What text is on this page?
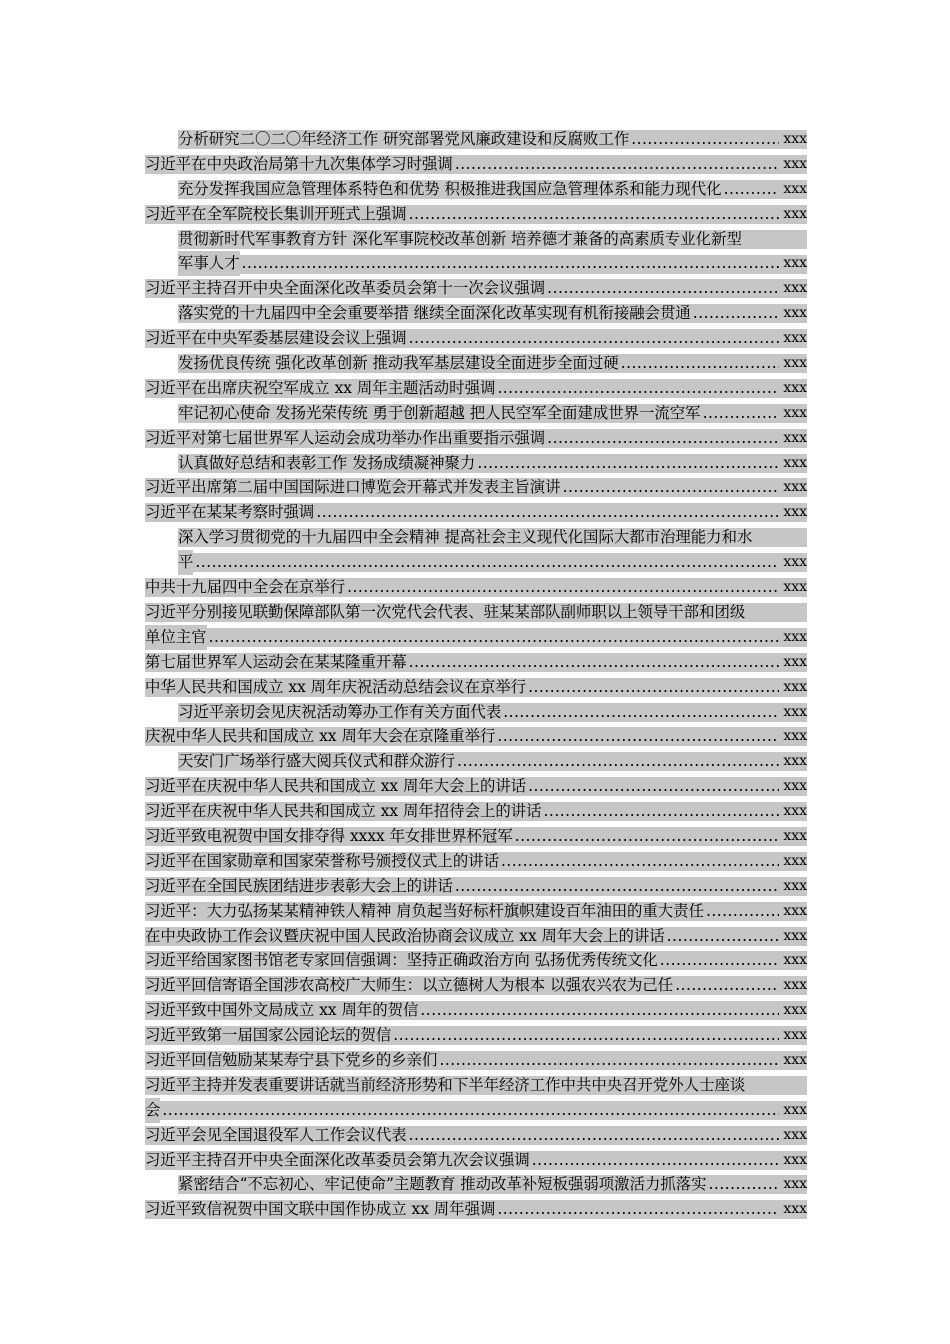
分析研究二〇二〇年经济工作 研究部署党风廉政建设和反腐败工作 .....	xxx
习近平在中央政治局第十九次集体学习时强调 .....	xxx
充分发挥我国应急管理体系特色和优势 积极推进我国应急管理体系和能力现代化 .....	xxx
习近平在全军院校长集训开班式上强调 .....	xxx
贯彻新时代军事教育方针 深化军事院校改革创新 培养德才兼备的高素质专业化新型
军事人才 .....	xxx
习近平主持召开中央全面深化改革委员会第十一次会议强调 .....	xxx
落实党的十九届四中全会重要举措 继续全面深化改革实现有机衔接融会贯通 .....	xxx
习近平在中央军委基层建设会议上强调 .....	xxx
发扬优良传统 强化改革创新 推动我军基层建设全面进步全面过硬 .....	xxx
习近平在出席庆祝空军成立 xx 周年主题活动时强调 .....	xxx
牢记初心使命 发扬光荣传统 勇于创新超越 把人民空军全面建成世界一流空军 .....	xxx
习近平对第七届世界军人运动会成功举办作出重要指示强调 .....	xxx
认真做好总结和表彰工作 发扬成绩凝神聚力 .....	xxx
习近平出席第二届中国国际进口博览会开幕式并发表主旨演讲 .....	xxx
习近平在某某考察时强调 .....	xxx
深入学习贯彻党的十九届四中全会精神 提高社会主义现代化国际大都市治理能力和水
平 .....	xxx
中共十九届四中全会在京举行 .....	xxx
习近平分别接见联勤保障部队第一次党代会代表、驻某某部队副师职以上领导干部和团级
单位主官 .....	xxx
第七届世界军人运动会在某某隆重开幕 .....	xxx
中华人民共和国成立 xx 周年庆祝活动总结会议在京举行 .....	xxx
习近平亲切会见庆祝活动筹办工作有关方面代表 .....	xxx
庆祝中华人民共和国成立 xx 周年大会在京隆重举行 .....	xxx
天安门广场举行盛大阅兵仪式和群众游行 .....	xxx
习近平在庆祝中华人民共和国成立 xx 周年大会上的讲话 .....	xxx
习近平在庆祝中华人民共和国成立 xx 周年招待会上的讲话 .....	xxx
习近平致电祝贺中国女排夺得 xxxx 年女排世界杯冠军 .....	xxx
习近平在国家勋章和国家荣誉称号颁授仪式上的讲话 .....	xxx
习近平在全国民族团结进步表彰大会上的讲话 .....	xxx
习近平：大力弘扬某某精神铁人精神 肩负起当好标杆旗帜建设百年油田的重大责任 .....	xxx
在中央政协工作会议暨庆祝中国人民政治协商会议成立 xx 周年大会上的讲话 .....	xxx
习近平给国家图书馆老专家回信强调：坚持正确政治方向 弘扬优秀传统文化 .....	xxx
习近平回信寄语全国涉农高校广大师生：以立德树人为根本 以强农兴农为己任 .....	xxx
习近平致中国外文局成立 xx 周年的贺信 .....	xxx
习近平致第一届国家公园论坛的贺信 .....	xxx
习近平回信勉励某某寿宁县下党乡的乡亲们 .....	xxx
习近平主持并发表重要讲话就当前经济形势和下半年经济工作中共中央召开党外人士座谈
会 .....	xxx
习近平会见全国退役军人工作会议代表 .....	xxx
习近平主持召开中央全面深化改革委员会第九次会议强调 .....	xxx
紧密结合“不忘初心、牢记使命”主题教育 推动改革补短板强弱项激活力抓落实 .....	xxx
习近平致信祝贺中国文联中国作协成立 xx 周年强调 .....	xxx
